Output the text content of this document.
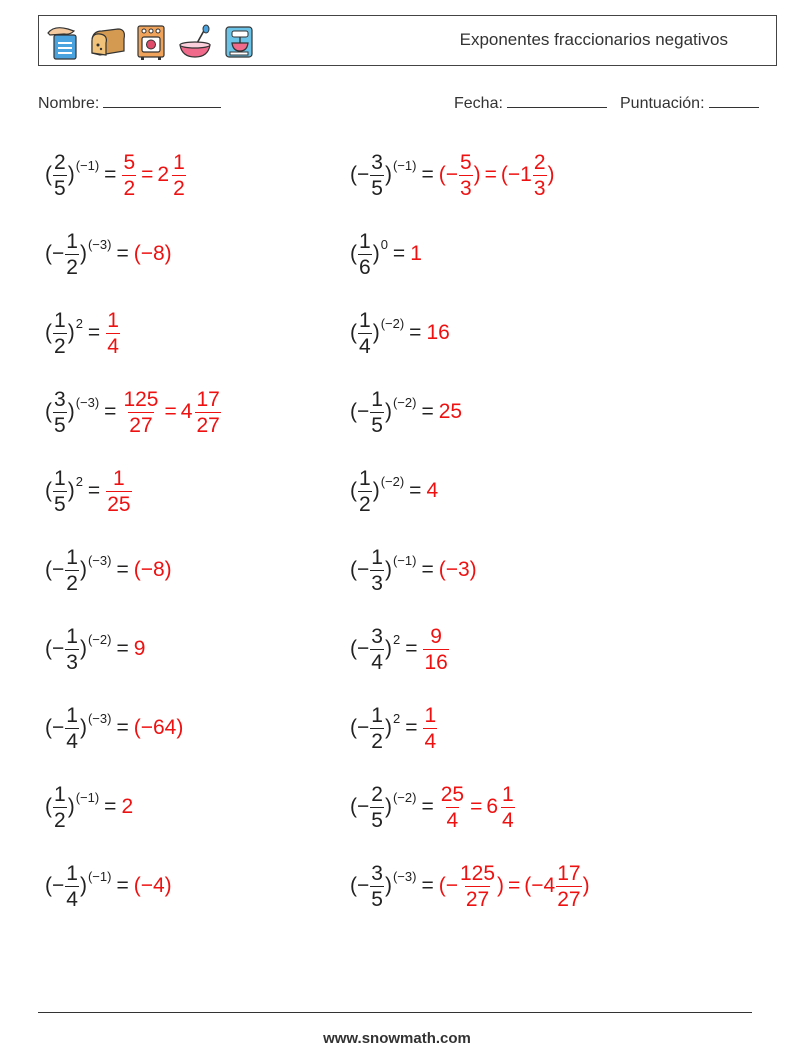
Exponentes fraccionarios negativos
Nombre:	Fecha:	Puntuación:
( $\frac{2}{5}$ ) $(-1) = \frac{5}{2} = 2 \frac{1}{2}$	(− $\frac{3}{5}$ ) (−1) = (− $\frac{5}{3}$ ) = ($-1 \frac{2}{3}$ )
(− $\frac{1}{2}$ ) (−3) = (−8)	( $\frac{1}{6}$ ) 0 = 1
( $\frac{1}{2}$ ) $2 = \frac{1}{4}$	( $\frac{1}{4}$ ) (−2) = 16
( $\frac{3}{5}$ ) $(-3) = \frac{125}{27} = 4 \frac{17}{27}$	(− $\frac{1}{5}$ ) (−2) = 25
( $\frac{1}{5}$ ) $2 = \frac{1}{25}$	( $\frac{1}{2}$ ) (−2) = 4
(− $\frac{1}{2}$ ) (−3) = (−8)	(− $\frac{1}{3}$ ) (−1) = (−3)
(− $\frac{1}{3}$ ) (−2) = 9	(− $\frac{3}{4}$ ) $2 = \frac{9}{16}$
(− $\frac{1}{4}$ ) (−3) = (−64)	(− $\frac{1}{2}$ ) $2 = \frac{1}{4}$
( $\frac{1}{2}$ ) (−1) = 2	(− $\frac{2}{5}$ ) $(-2) = \frac{25}{4} = 6 \frac{1}{4}$
(− $\frac{1}{4}$ ) (−1) = (−4)	(− $\frac{3}{5}$ ) (−3) = (− $\frac{125}{27}$ ) = ($-4 \frac{17}{27}$ )
www.snowmath.com
